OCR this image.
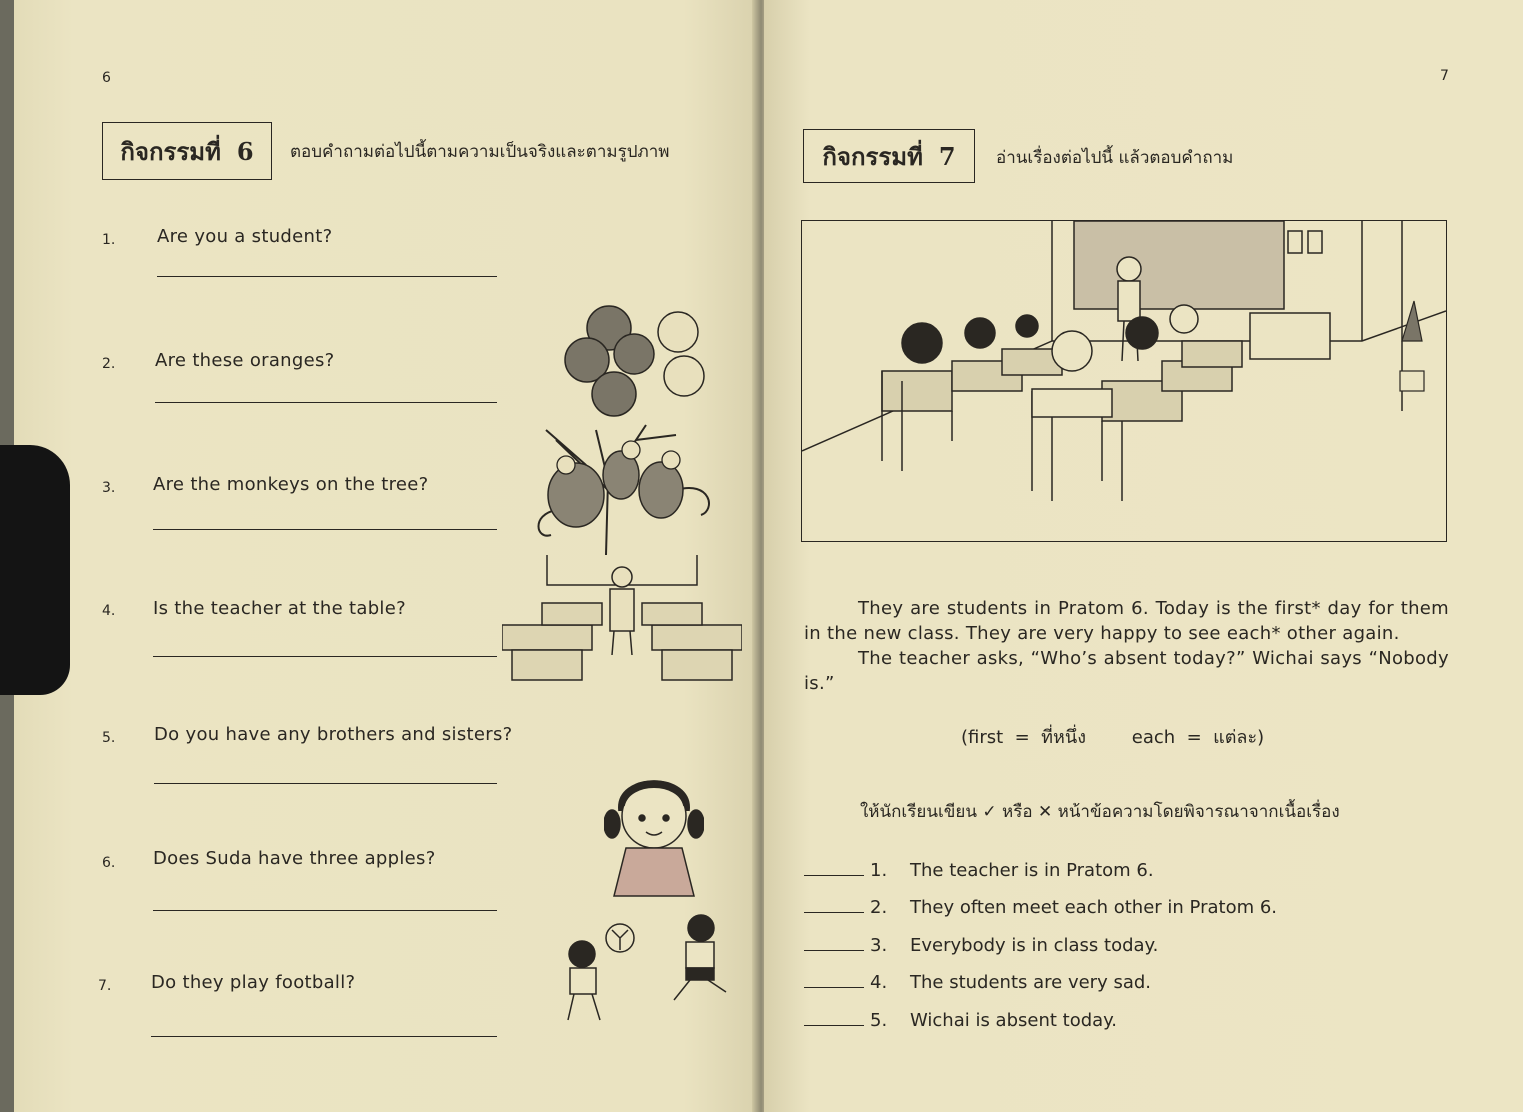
6
กิจกรรมที่ 6 ตอบคำถามต่อไปนี้ตามความเป็นจริงและตามรูปภาพ
1. Are you a student?
2. Are these oranges?
3. Are the monkeys on the tree?
4. Is the teacher at the table?
5. Do you have any brothers and sisters?
6. Does Suda have three apples?
7. Do they play football?
7
กิจกรรมที่ 7 อ่านเรื่องต่อไปนี้ แล้วตอบคำถาม

They are students in Pratom 6. Today is the first* day for them in the new class. They are very happy to see each* other again.

The teacher asks, “Who’s absent today?” Wichai says “Nobody is.”

(first  =  ที่หนึ่ง        each  =  แต่ละ)
ให้นักเรียนเขียน ✓ หรือ ✕ หน้าข้อความโดยพิจารณาจากเนื้อเรื่อง
1.	The teacher is in Pratom 6.
2.	They often meet each other in Pratom 6.
3.	Everybody is in class today.
4.	The students are very sad.
5.	Wichai is absent today.
